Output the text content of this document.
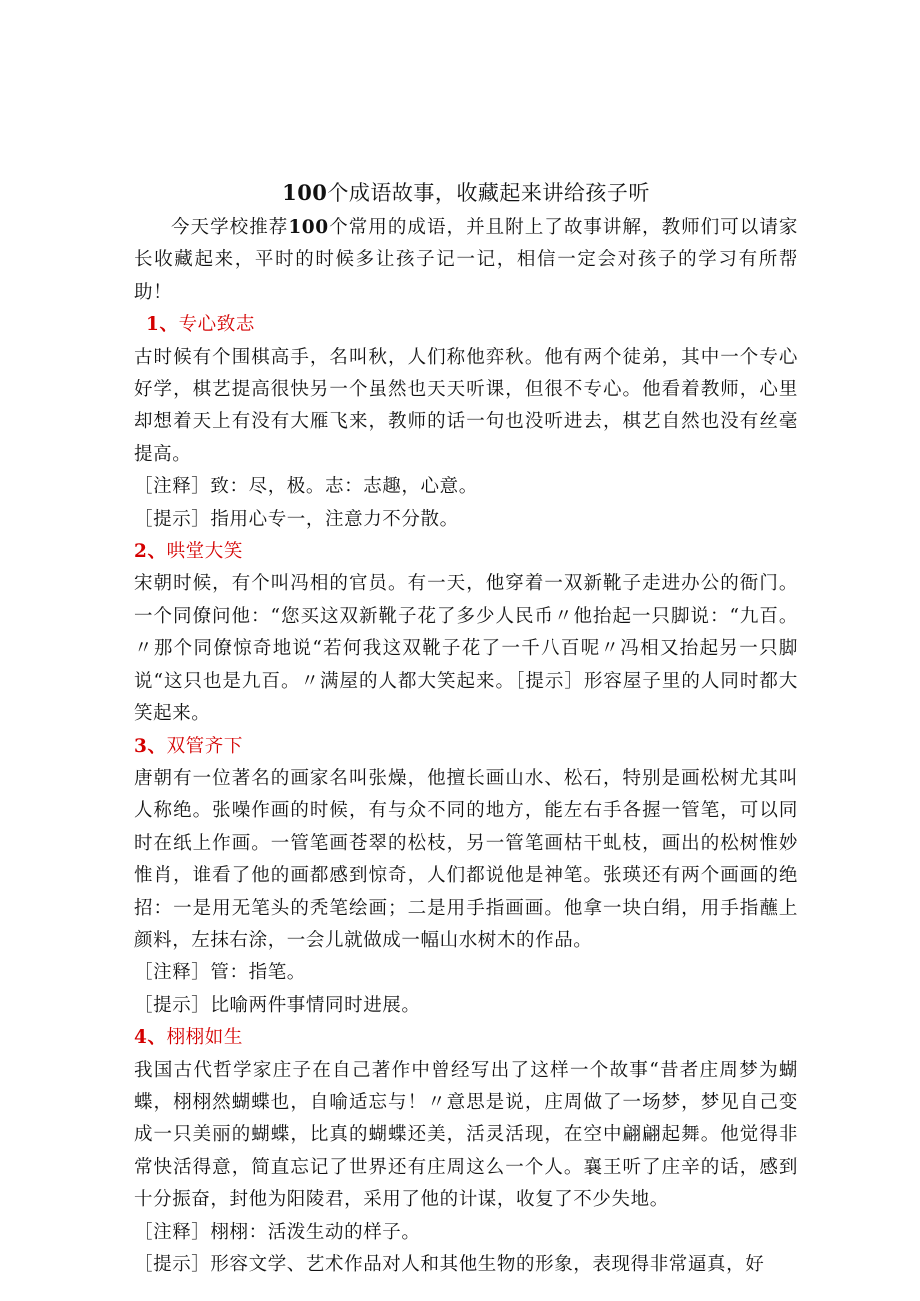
100个成语故事，收藏起来讲给孩子听

今天学校推荐100个常用的成语，并且附上了故事讲解，教师们可以请家长收藏起来，平时的时候多让孩子记一记，相信一定会对孩子的学习有所帮助！

1、专心致志

古时候有个围棋高手，名叫秋，人们称他弈秋。他有两个徒弟，其中一个专心好学，棋艺提高很快另一个虽然也天天听课，但很不专心。他看着教师，心里却想着天上有没有大雁飞来，教师的话一句也没听进去，棋艺自然也没有丝毫提高。

［注释］致：尽，极。志：志趣，心意。

［提示］指用心专一，注意力不分散。

2、哄堂大笑

宋朝时候，有个叫冯相的官员。有一天，他穿着一双新靴子走进办公的衙门。一个同僚问他：“您买这双新靴子花了多少人民币〃他抬起一只脚说：“九百。〃那个同僚惊奇地说“若何我这双靴子花了一千八百呢〃冯相又抬起另一只脚说“这只也是九百。〃满屋的人都大笑起来。［提示］形容屋子里的人同时都大笑起来。

3、双管齐下

唐朝有一位著名的画家名叫张燥，他擅长画山水、松石，特别是画松树尤其叫人称绝。张噪作画的时候，有与众不同的地方，能左右手各握一管笔，可以同时在纸上作画。一管笔画苍翠的松枝，另一管笔画枯干虬枝，画出的松树惟妙惟肖，谁看了他的画都感到惊奇，人们都说他是神笔。张瑛还有两个画画的绝招：一是用无笔头的秃笔绘画；二是用手指画画。他拿一块白绢，用手指蘸上颜料，左抹右涂，一会儿就做成一幅山水树木的作品。

［注释］管：指笔。

［提示］比喻两件事情同时进展。

4、栩栩如生

我国古代哲学家庄子在自己著作中曾经写出了这样一个故事“昔者庄周梦为蝴蝶，栩栩然蝴蝶也，自喻适忘与！〃意思是说，庄周做了一场梦，梦见自己变成一只美丽的蝴蝶，比真的蝴蝶还美，活灵活现，在空中翩翩起舞。他觉得非常快活得意，简直忘记了世界还有庄周这么一个人。襄王听了庄辛的话，感到十分振奋，封他为阳陵君，采用了他的计谋，收复了不少失地。

［注释］栩栩：活泼生动的样子。

［提示］形容文学、艺术作品对人和其他生物的形象，表现得非常逼真，好
